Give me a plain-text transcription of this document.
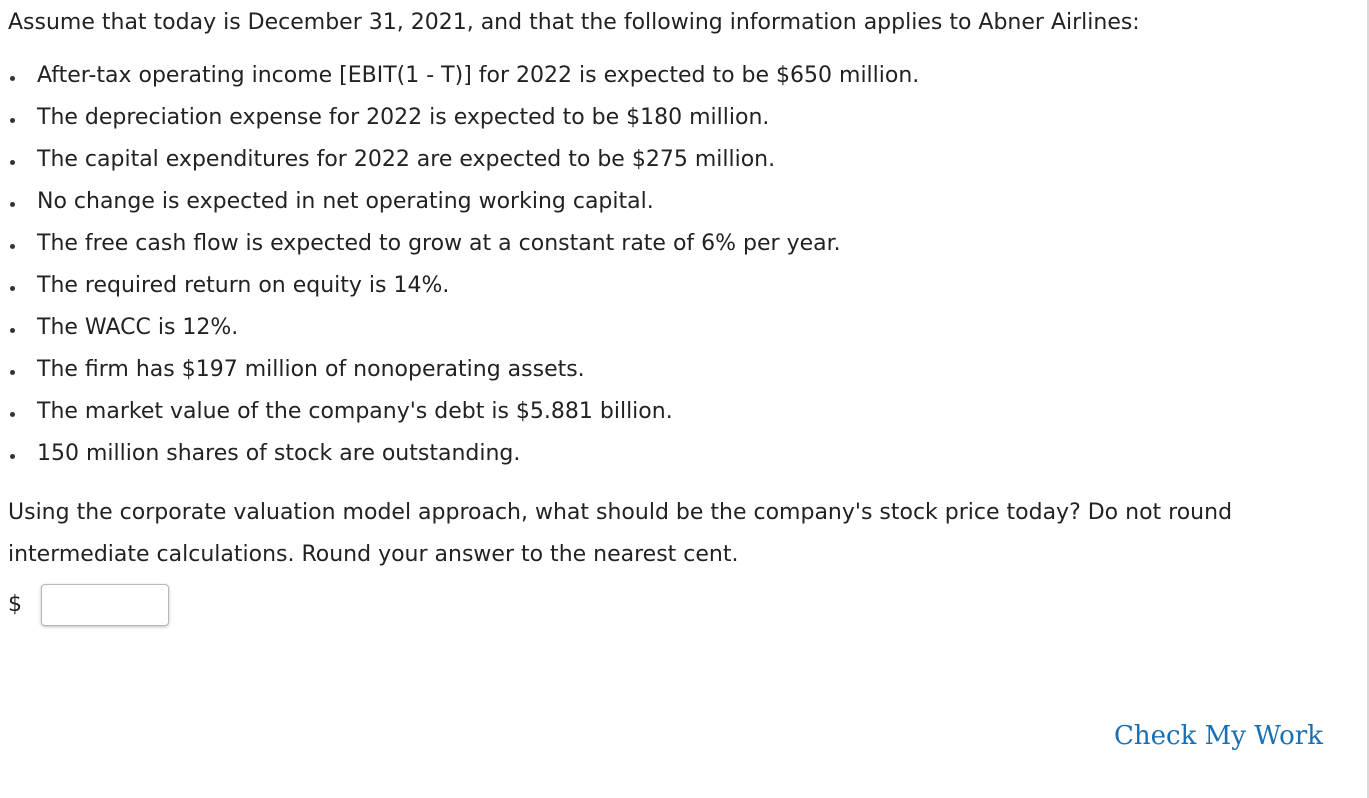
Assume that today is December 31, 2021, and that the following information applies to Abner Airlines:

After-tax operating income [EBIT(1 - T)] for 2022 is expected to be $650 million.
The depreciation expense for 2022 is expected to be $180 million.
The capital expenditures for 2022 are expected to be $275 million.
No change is expected in net operating working capital.
The free cash flow is expected to grow at a constant rate of 6% per year.
The required return on equity is 14%.
The WACC is 12%.
The firm has $197 million of nonoperating assets.
The market value of the company's debt is $5.881 billion.
150 million shares of stock are outstanding.

Using the corporate valuation model approach, what should be the company's stock price today? Do not round intermediate calculations. Round your answer to the nearest cent.

$
Check My Work
